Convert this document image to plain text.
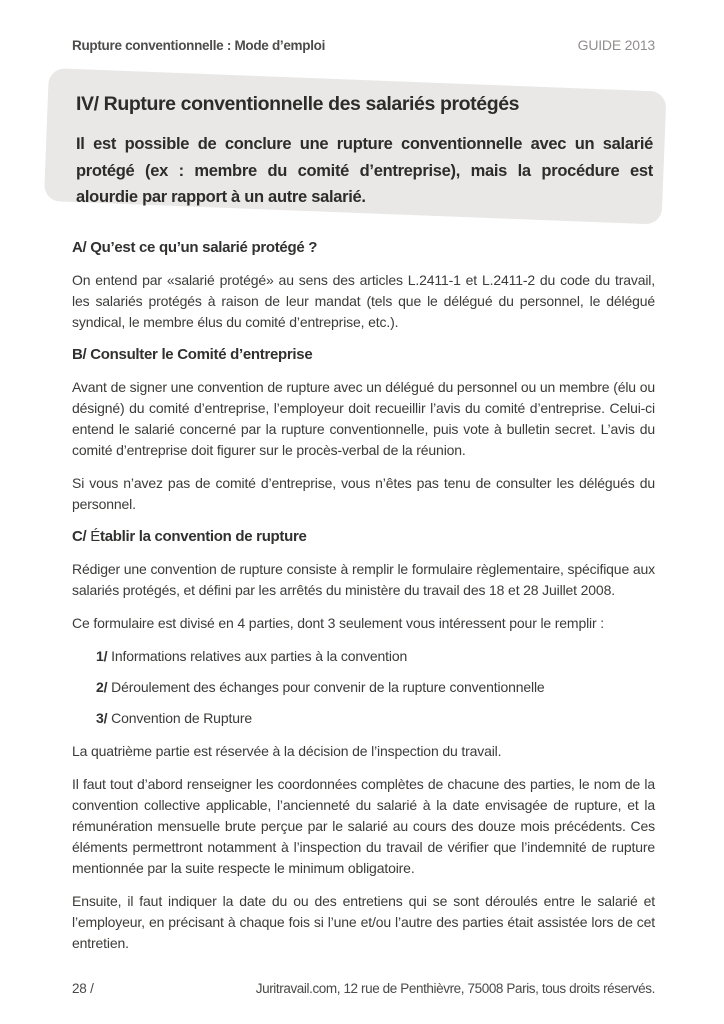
Rupture conventionnelle : Mode d’emploi	GUIDE 2013
IV/ Rupture conventionnelle des salariés protégés
Il est possible de conclure une rupture conventionnelle avec un salarié protégé (ex : membre du comité d’entreprise), mais la procédure est alourdie par rapport à un autre salarié.
A/ Qu’est ce qu’un salarié protégé ?

On entend par «salarié protégé» au sens des articles L.2411-1 et L.2411-2 du code du travail, les salariés protégés à raison de leur mandat (tels que le délégué du personnel, le délégué syndical, le membre élus du comité d’entreprise, etc.).

B/ Consulter le Comité d’entreprise

Avant de signer une convention de rupture avec un délégué du personnel ou un membre (élu ou désigné) du comité d’entreprise, l’employeur doit recueillir l’avis du comité d’entreprise. Celui-ci entend le salarié concerné par la rupture conventionnelle, puis vote à bulletin secret. L’avis du comité d’entreprise doit figurer sur le procès-verbal de la réunion.

Si vous n’avez pas de comité d’entreprise, vous n’êtes pas tenu de consulter les délégués du personnel.

C/ Établir la convention de rupture

Rédiger une convention de rupture consiste à remplir le formulaire règlementaire, spécifique aux salariés protégés, et défini par les arrêtés du ministère du travail des 18 et 28 Juillet 2008.

Ce formulaire est divisé en 4 parties, dont 3 seulement vous intéressent pour le remplir :

1/ Informations relatives aux parties à la convention
2/ Déroulement des échanges pour convenir de la rupture conventionnelle
3/ Convention de Rupture

La quatrième partie est réservée à la décision de l’inspection du travail.

Il faut tout d’abord renseigner les coordonnées complètes de chacune des parties, le nom de la convention collective applicable, l’ancienneté du salarié à la date envisagée de rupture, et la rémunération mensuelle brute perçue par le salarié au cours des douze mois précédents. Ces éléments permettront notamment à l’inspection du travail de vérifier que l’indemnité de rupture mentionnée par la suite respecte le minimum obligatoire.

Ensuite, il faut indiquer la date du ou des entretiens qui se sont déroulés entre le salarié et l’employeur, en précisant à chaque fois si l’une et/ou l’autre des parties était assistée lors de cet entretien.

28 /	Juritravail.com, 12 rue de Penthièvre, 75008 Paris, tous droits réservés.
